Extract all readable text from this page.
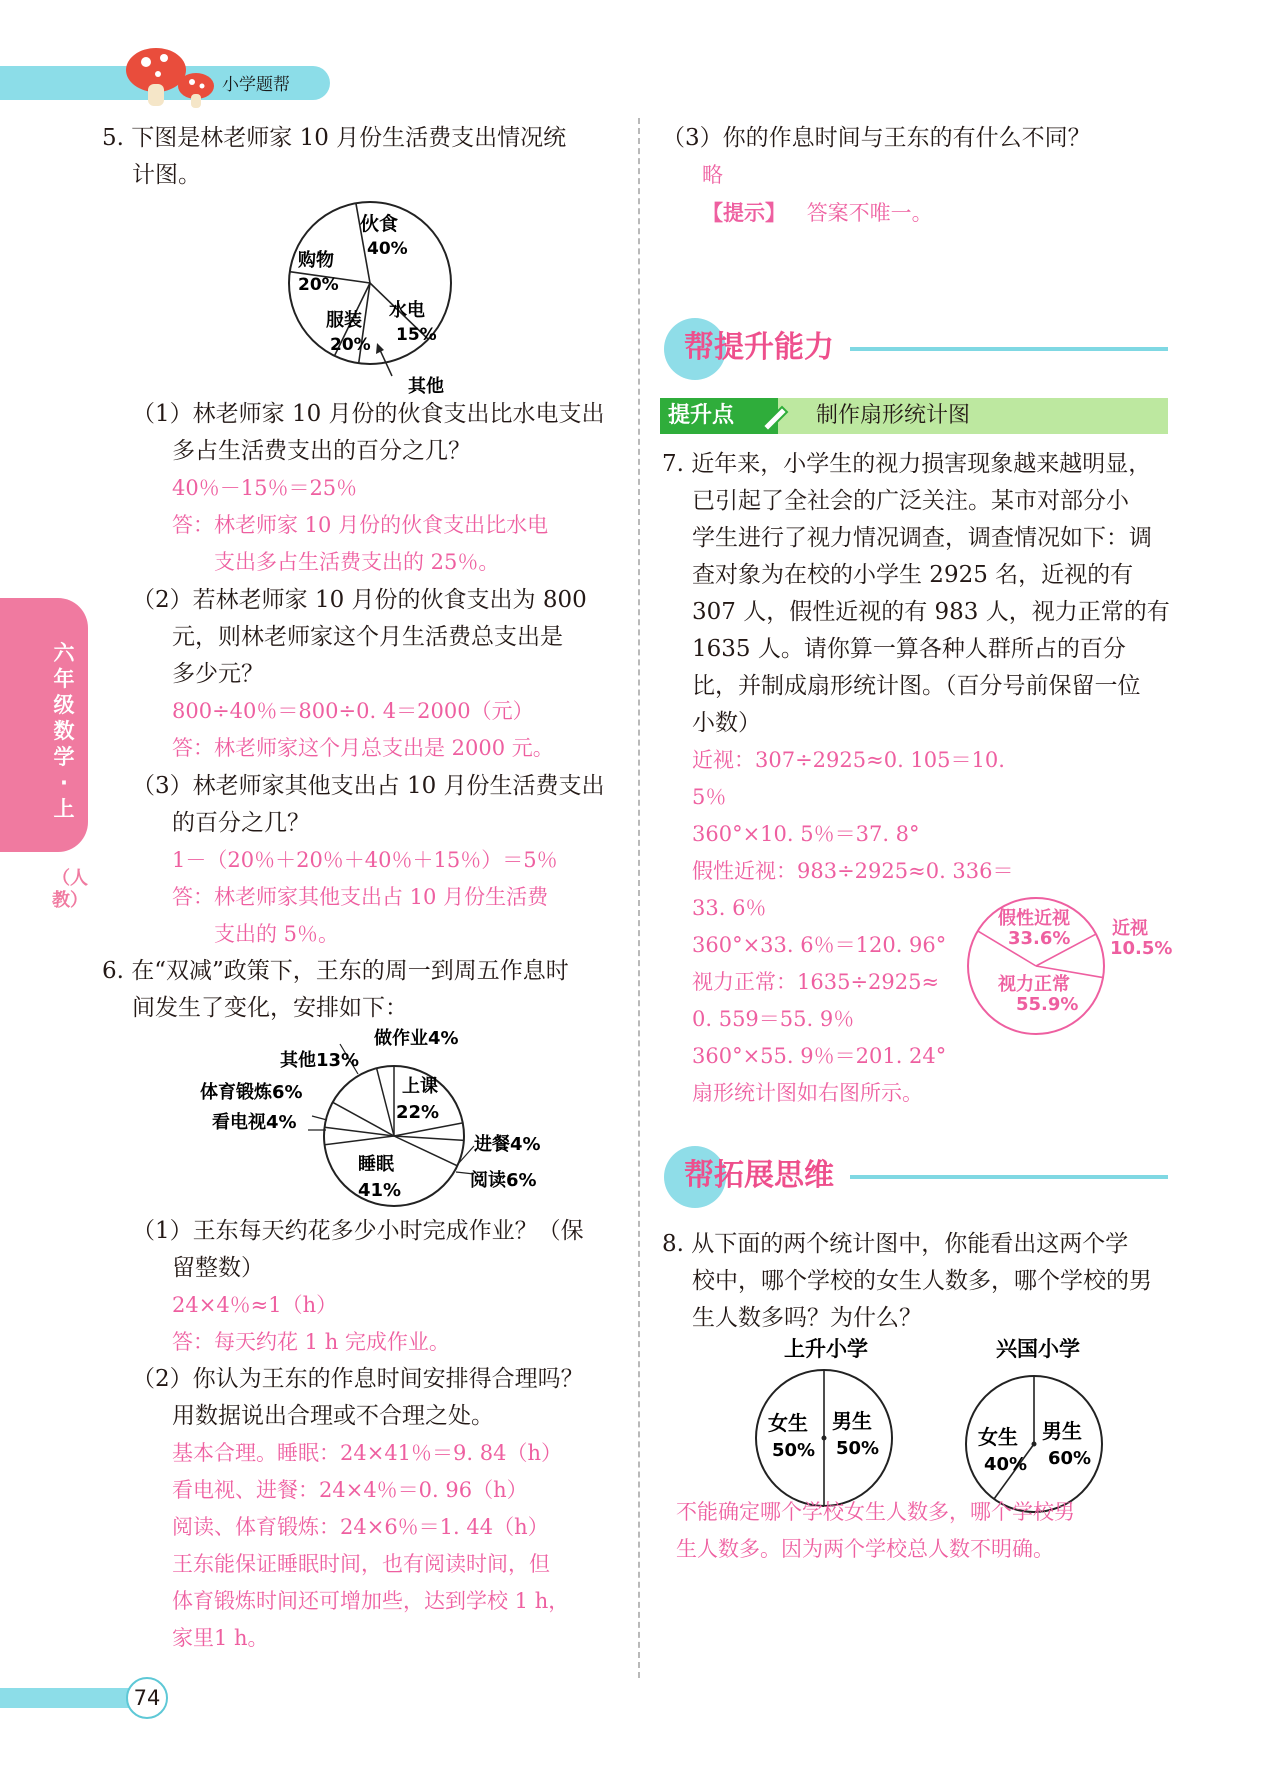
小学题帮
六年级数学·上
（人教）
5. 下图是林老师家 10 月份生活费支出情况统
计图。
伙食
40%
购物
20%
服装
20%
水电
15%
其他
（1）林老师家 10 月份的伙食支出比水电支出
多占生活费支出的百分之几？
40％－15％＝25％
答：林老师家 10 月份的伙食支出比水电
支出多占生活费支出的 25％。
（2）若林老师家 10 月份的伙食支出为 800
元，则林老师家这个月生活费总支出是
多少元？
800÷40％＝800÷0. 4＝2000（元）
答：林老师家这个月总支出是 2000 元。
（3）林老师家其他支出占 10 月份生活费支出
的百分之几？
1－（20％＋20％＋40％＋15％）＝5％
答：林老师家其他支出占 10 月份生活费
支出的 5％。
6. 在“双减”政策下，王东的周一到周五作息时
间发生了变化，安排如下：
做作业4%
其他13%
体育锻炼6%
看电视4%
上课
22%
睡眠
41%
进餐4%
阅读6%
（1）王东每天约花多少小时完成作业？（保
留整数）
24×4％≈1（h）
答：每天约花 1 h 完成作业。
（2）你认为王东的作息时间安排得合理吗？
用数据说出合理或不合理之处。
基本合理。睡眠：24×41％＝9. 84（h）
看电视、进餐：24×4％＝0. 96（h）
阅读、体育锻炼：24×6％＝1. 44（h）
王东能保证睡眠时间，也有阅读时间，但
体育锻炼时间还可增加些，达到学校 1 h，
家里1 h。
74
（3）你的作息时间与王东的有什么不同？
略
【提示】 答案不唯一。
帮提升能力
提升点	制作扇形统计图
7. 近年来，小学生的视力损害现象越来越明显，
已引起了全社会的广泛关注。某市对部分小
学生进行了视力情况调查，调查情况如下：调
查对象为在校的小学生 2925 名，近视的有
307 人，假性近视的有 983 人，视力正常的有
1635 人。请你算一算各种人群所占的百分
比，并制成扇形统计图。（百分号前保留一位
小数）
近视：307÷2925≈0. 105＝10. 5％
360°×10. 5％＝37. 8°
假性近视：983÷2925≈0. 336＝33. 6％
360°×33. 6％＝120. 96°
视力正常：1635÷2925≈
0. 559＝55. 9％
360°×55. 9％＝201. 24°
扇形统计图如右图所示。
假性近视
33.6% 近视
10.5%
视力正常
55.9%
帮拓展思维
8. 从下面的两个统计图中，你能看出这两个学
校中，哪个学校的女生人数多，哪个学校的男
生人数多吗？为什么？
上升小学
女生
50%
男生
50%
兴国小学
女生
40%
男生
60%
不能确定哪个学校女生人数多，哪个学校男
生人数多。因为两个学校总人数不明确。
